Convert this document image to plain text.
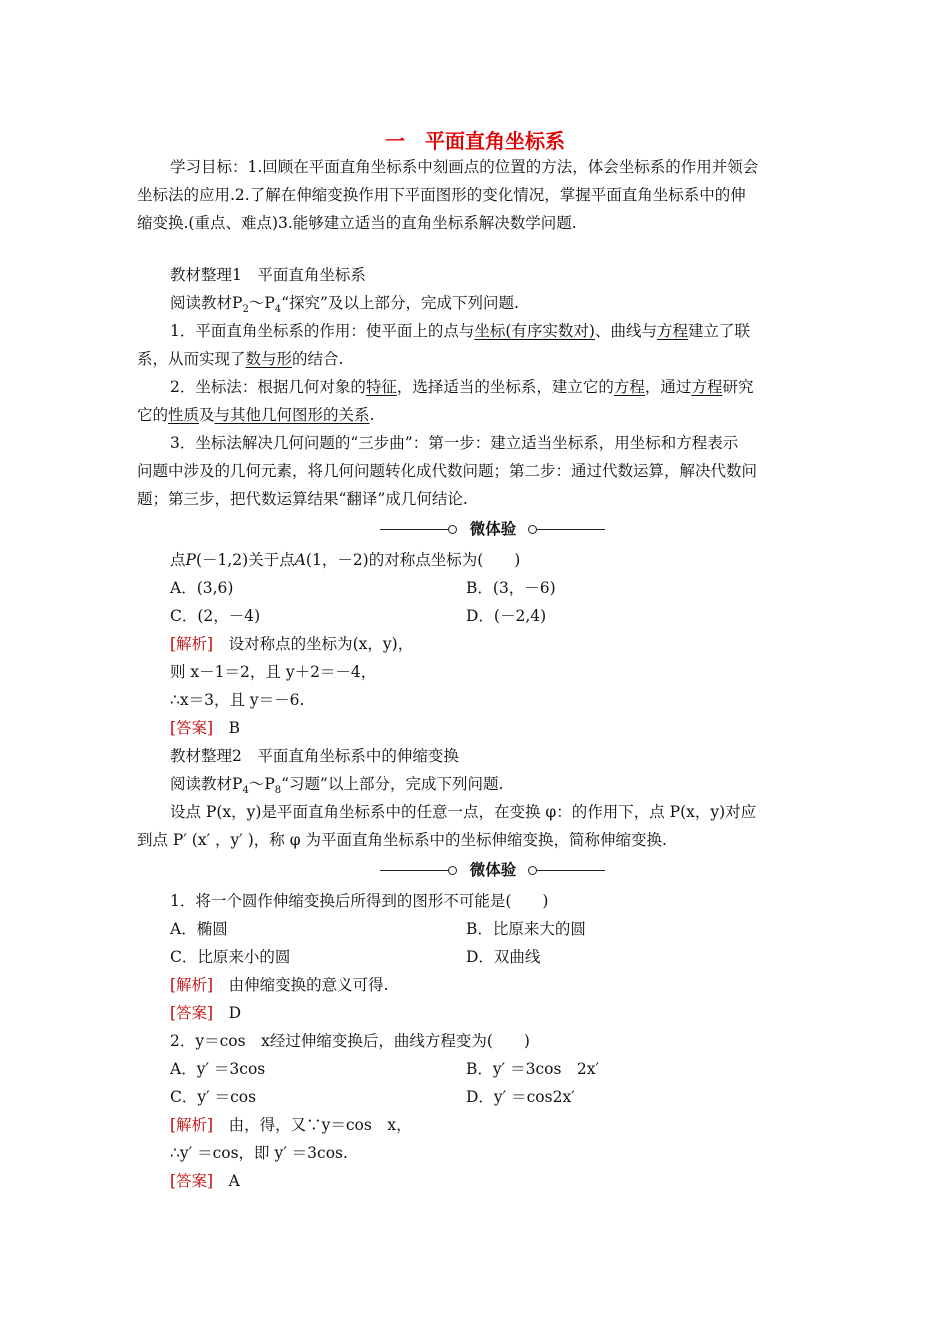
一　平面直角坐标系
学习目标：1.回顾在平面直角坐标系中刻画点的位置的方法，体会坐标系的作用并领会
坐标法的应用.2.了解在伸缩变换作用下平面图形的变化情况，掌握平面直角坐标系中的伸
缩变换.(重点、难点)3.能够建立适当的直角坐标系解决数学问题.
教材整理1　平面直角坐标系
阅读教材$P_2\sim P_4“$探究”及以上部分，完成下列问题.
1．平面直角坐标系的作用：使平面上的点与坐标(有序实数对)、曲线与方程建立了联
系，从而实现了数与形的结合.
2．坐标法：根据几何对象的特征，选择适当的坐标系，建立它的方程，通过方程研究
它的性质及与其他几何图形的关系.
3．坐标法解决几何问题的“三步曲”：第一步：建立适当坐标系，用坐标和方程表示
问题中涉及的几何元素，将几何问题转化成代数问题；第二步：通过代数运算，解决代数问
题；第三步，把代数运算结果“翻译”成几何结论.
微体验
点P(－1,2)关于点A(1，－2)的对称点坐标为(　　)
A．(3,6)	B．(3，－6)
C．(2，－4)	D．(－2,4)
[解析]　设对称点的坐标为(x，y)，
则 x－1＝2，且 y＋2＝－4，
∴x＝3，且 y＝－6.
[答案]　B
教材整理2　平面直角坐标系中的伸缩变换
阅读教材$P_4\sim P_8“$习题”以上部分，完成下列问题.
设点 P(x，y)是平面直角坐标系中的任意一点，在变换 φ：的作用下，点 P(x，y)对应
到点 P′ (x′ ，y′ )，称 φ 为平面直角坐标系中的坐标伸缩变换，简称伸缩变换.
微体验
1．将一个圆作伸缩变换后所得到的图形不可能是(　　)
A．椭圆	B．比原来大的圆
C．比原来小的圆	D．双曲线
[解析]　由伸缩变换的意义可得.
[答案]　D
2．y＝cos　x经过伸缩变换后，曲线方程变为(　　)
A．y′ ＝3cos	B．y′ ＝3cos　2x′
C．y′ ＝cos	D．y′ ＝cos2x′
[解析]　由，得，又∵y＝cos　x，
∴y′ ＝cos，即 y′ ＝3cos.
[答案]　A
